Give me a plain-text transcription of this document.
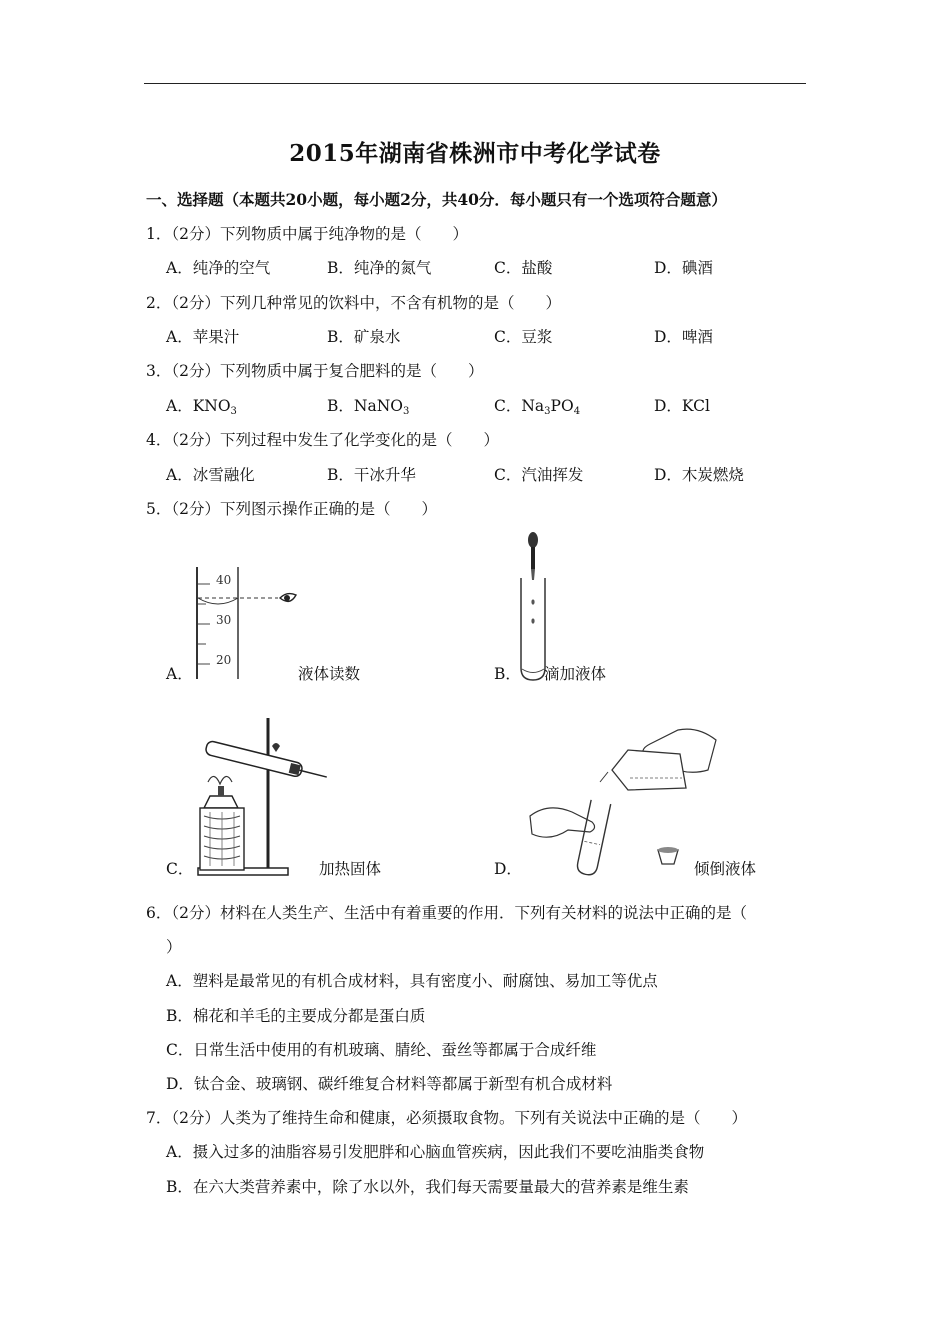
2015年湖南省株洲市中考化学试卷
一、选择题（本题共20小题，每小题2分，共40分．每小题只有一个选项符合题意）
1．（2分）下列物质中属于纯净物的是（　　）
A．纯净的空气	B．纯净的氮气	C．盐酸	D．碘酒
2．（2分）下列几种常见的饮料中，不含有机物的是（　　）
A．苹果汁	B．矿泉水	C．豆浆	D．啤酒
3．（2分）下列物质中属于复合肥料的是（　　）
A．$KNO_3$	B．NaNO$_3$	C．$Na_3PO_4$	D．KCl
4．（2分）下列过程中发生了化学变化的是（　　）
A．冰雪融化	B．干冰升华	C．汽油挥发	D．木炭燃烧
5．（2分）下列图示操作正确的是（　　）
40
30
20
A．	液体读数	B． 滴加液体
C．	加热固体	D．	倾倒液体
6．（2分）材料在人类生产、生活中有着重要的作用．下列有关材料的说法中正确的是（
）
A．塑料是最常见的有机合成材料，具有密度小、耐腐蚀、易加工等优点
B．棉花和羊毛的主要成分都是蛋白质
C．日常生活中使用的有机玻璃、腈纶、蚕丝等都属于合成纤维
D．钛合金、玻璃钢、碳纤维复合材料等都属于新型有机合成材料
7．（2分）人类为了维持生命和健康，必须摄取食物。下列有关说法中正确的是（　　）
A．摄入过多的油脂容易引发肥胖和心脑血管疾病，因此我们不要吃油脂类食物
B．在六大类营养素中，除了水以外，我们每天需要量最大的营养素是维生素
